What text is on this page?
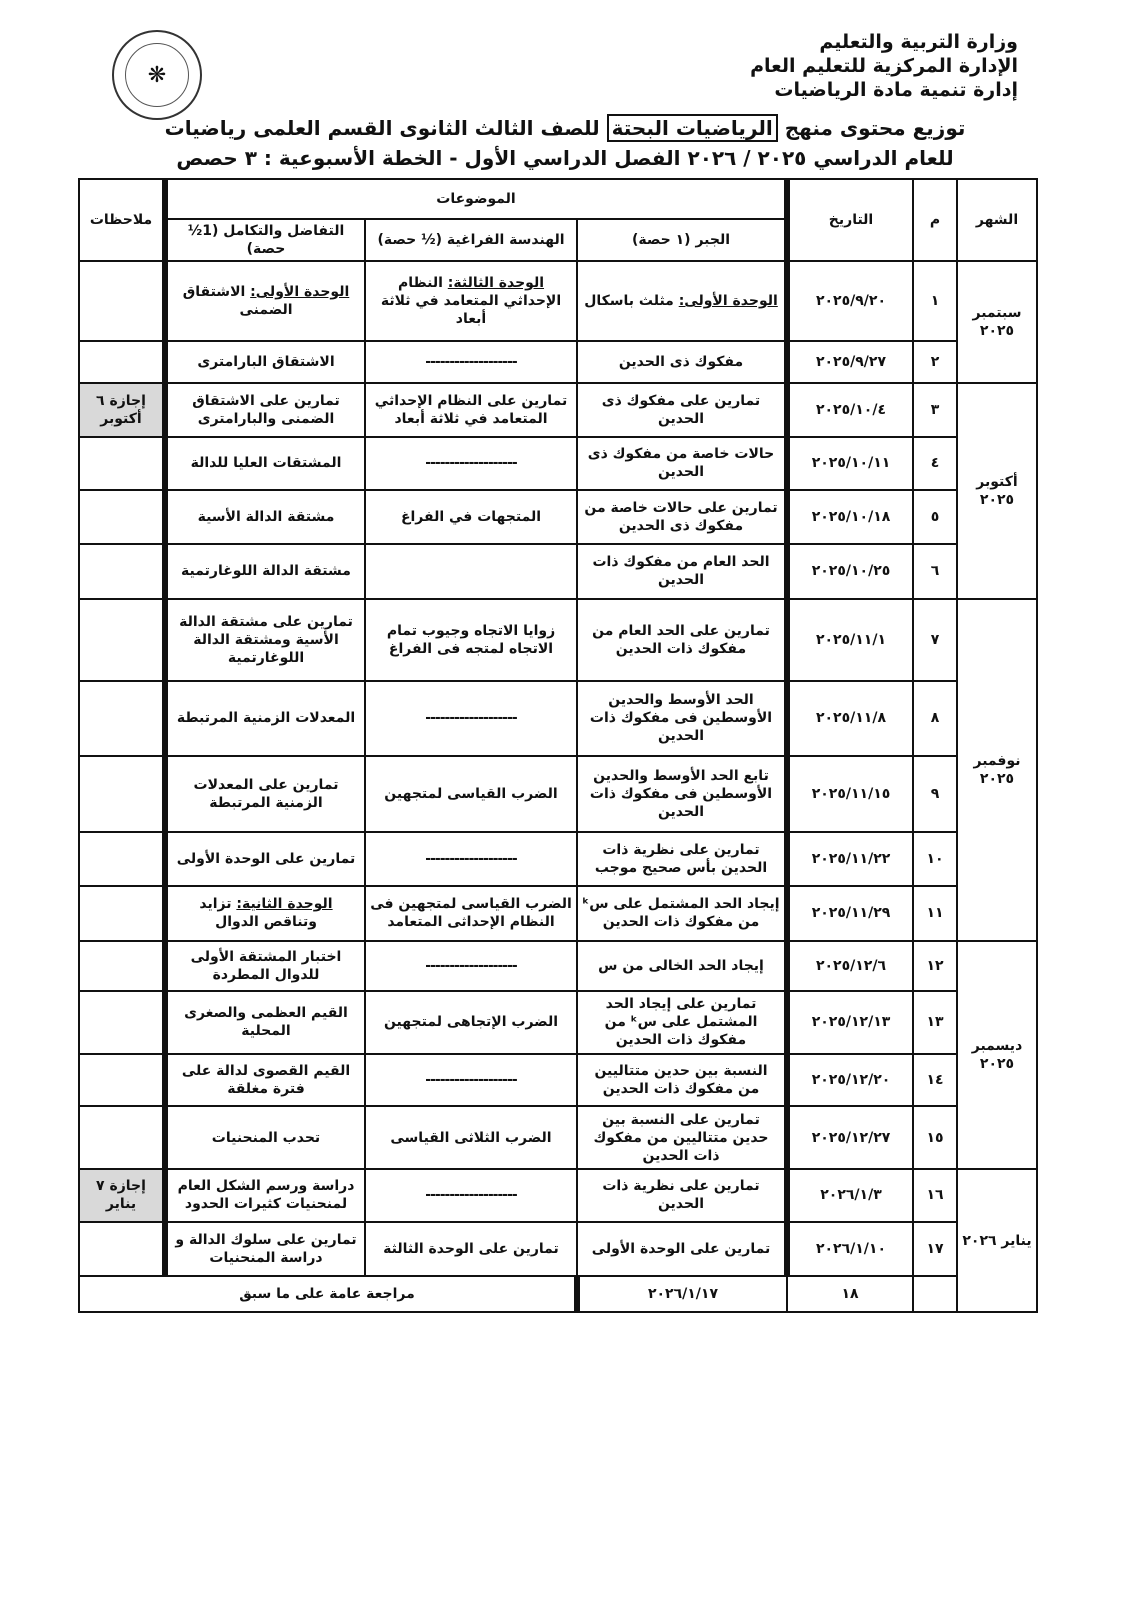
وزارة التربية والتعليم
الإدارة المركزية للتعليم العام
إدارة تنمية مادة الرياضيات
❋
توزيع محتوى منهج الرياضيات البحتة للصف الثالث الثانوى القسم العلمى رياضيات
للعام الدراسي ٢٠٢٥ / ٢٠٢٦ الفصل الدراسي الأول - الخطة الأسبوعية : ٣ حصص
الشهر	م	التاريخ	الموضوعات			ملاحظات
			الجبر (١ حصة)	الهندسة الفراغية (½ حصة)	التفاضل والتكامل (1½ حصة)	
سبتمبر ٢٠٢٥	١	٢٠٢٥/٩/٢٠	الوحدة الأولى: مثلث باسكال	الوحدة الثالثة: النظام الإحداثي المتعامد في ثلاثة أبعاد	الوحدة الأولى: الاشتقاق الضمنى	
	٢	٢٠٢٥/٩/٢٧	مفكوك ذى الحدين	-------------------	الاشتقاق البارامترى	
أكتوبر ٢٠٢٥	٣	٢٠٢٥/١٠/٤	تمارين على مفكوك ذى الحدين	تمارين على النظام الإحداثي المتعامد في ثلاثة أبعاد	تمارين على الاشتقاق الضمنى والبارامترى	إجازة ٦ أكتوبر
	٤	٢٠٢٥/١٠/١١	حالات خاصة من مفكوك ذى الحدين	-------------------	المشتقات العليا للدالة	
	٥	٢٠٢٥/١٠/١٨	تمارين على حالات خاصة من مفكوك ذى الحدين	المتجهات في الفراغ	مشتقة الدالة الأسية	
	٦	٢٠٢٥/١٠/٢٥	الحد العام من مفكوك ذات الحدين		مشتقة الدالة اللوغارتمية	
نوفمبر ٢٠٢٥	٧	٢٠٢٥/١١/١	تمارين على الحد العام من مفكوك ذات الحدين	زوايا الاتجاه وجيوب تمام الاتجاه لمتجه فى الفراغ	تمارين على مشتقة الدالة الأسية ومشتقة الدالة اللوغارتمية	
	٨	٢٠٢٥/١١/٨	الحد الأوسط والحدين الأوسطين فى مفكوك ذات الحدين	-------------------	المعدلات الزمنية المرتبطة	
	٩	٢٠٢٥/١١/١٥	تابع الحد الأوسط والحدين الأوسطين فى مفكوك ذات الحدين	الضرب القياسى لمتجهين	تمارين على المعدلات الزمنية المرتبطة	
	١٠	٢٠٢٥/١١/٢٢	تمارين على نظرية ذات الحدين بأس صحيح موجب	-------------------	تمارين على الوحدة الأولى	
	١١	٢٠٢٥/١١/٢٩	إيجاد الحد المشتمل على سᵏ من مفكوك ذات الحدين	الضرب القياسى لمتجهين فى النظام الإحداثى المتعامد	الوحدة الثانية: تزايد وتناقص الدوال	
ديسمبر ٢٠٢٥	١٢	٢٠٢٥/١٢/٦	إيجاد الحد الخالى من س	-------------------	اختبار المشتقة الأولى للدوال المطردة	
	١٣	٢٠٢٥/١٢/١٣	تمارين على إيجاد الحد المشتمل على سᵏ من مفكوك ذات الحدين	الضرب الإتجاهى لمتجهين	القيم العظمى والصغرى المحلية	
	١٤	٢٠٢٥/١٢/٢٠	النسبة بين حدين متتاليين من مفكوك ذات الحدين	-------------------	القيم القصوى لدالة على فترة مغلقة	
	١٥	٢٠٢٥/١٢/٢٧	تمارين على النسبة بين حدين متتاليين من مفكوك ذات الحدين	الضرب الثلاثى القياسى	تحدب المنحنيات	
يناير ٢٠٢٦	١٦	٢٠٢٦/١/٣	تمارين على نظرية ذات الحدين	-------------------	دراسة ورسم الشكل العام لمنحنيات كثيرات الحدود	إجازة ٧ يناير
	١٧	٢٠٢٦/١/١٠	تمارين على الوحدة الأولى	تمارين على الوحدة الثالثة	تمارين على سلوك الدالة و دراسة المنحنيات	
		١٨	٢٠٢٦/١/١٧	مراجعة عامة على ما سبق		
